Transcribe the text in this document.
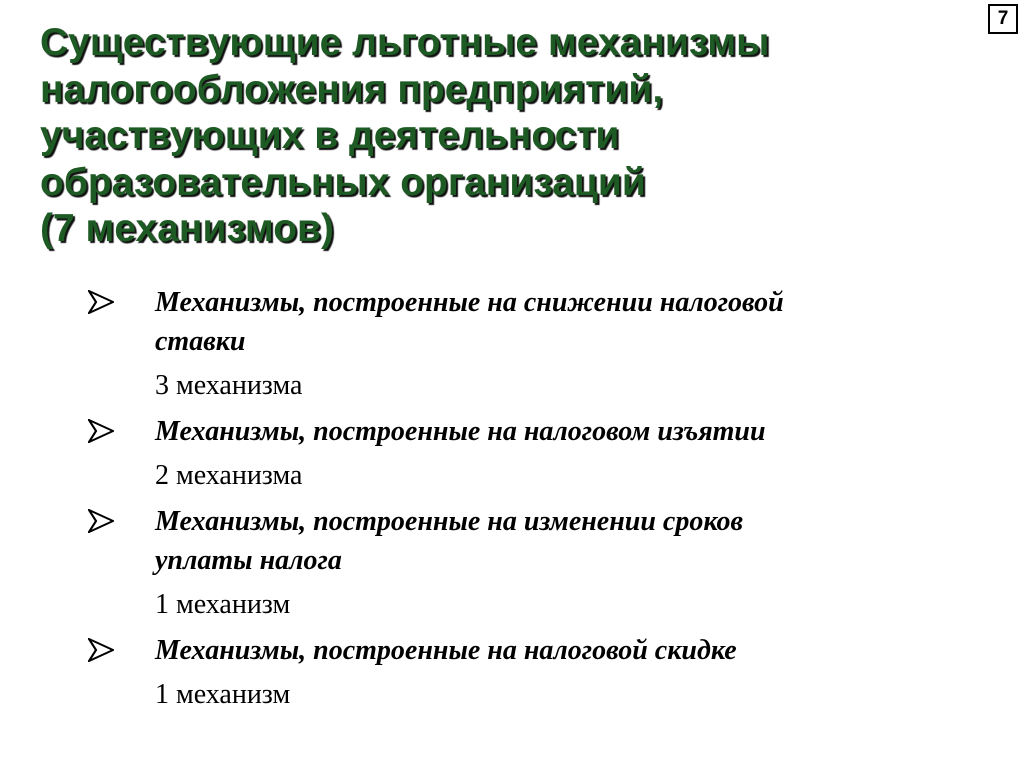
7
Существующие льготные механизмы
налогообложения предприятий,
участвующих в деятельности
образовательных организаций
(7 механизмов)
Механизмы, построенные на снижении налоговой
ставки
3 механизма
Механизмы, построенные на налоговом изъятии
2 механизма
Механизмы, построенные на изменении сроков
уплаты налога
1 механизм
Механизмы, построенные на налоговой скидке
1 механизм
